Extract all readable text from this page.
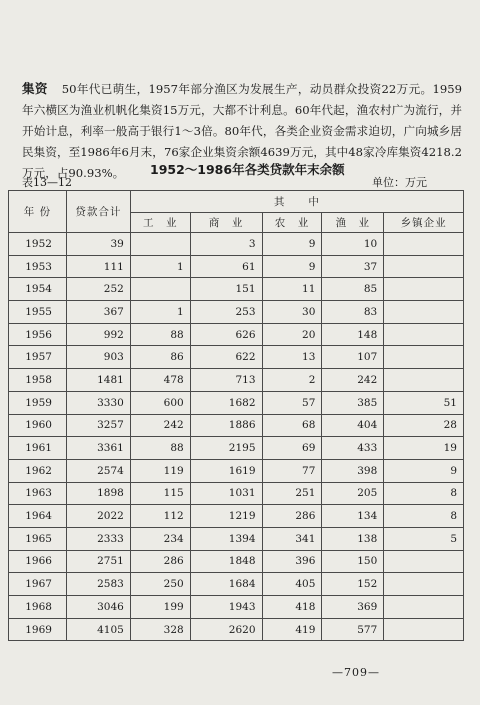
集资 50年代已萌生，1957年部分渔区为发展生产，动员群众投资22万元。1959年六横区为渔业机帆化集资15万元，大都不计利息。60年代起，渔农村广为流行，并开始计息，利率一般高于银行1～3倍。80年代，各类企业资金需求迫切，广向城乡居民集资，至1986年6月末，76家企业集资余额4639万元，其中48家冷库集资4218.2万元，占90.93%。	1952～1986年各类贷款年末余额
表13—12	单位：万元
年 份	贷款合计	其　　中				
		工　业	商　业	农　业	渔　业	乡镇企业
1952	39		3	9	10	
1953	111	1	61	9	37	
1954	252		151	11	85	
1955	367	1	253	30	83	
1956	992	88	626	20	148	
1957	903	86	622	13	107	
1958	1481	478	713	2	242	
1959	3330	600	1682	57	385	51
1960	3257	242	1886	68	404	28
1961	3361	88	2195	69	433	19
1962	2574	119	1619	77	398	9
1963	1898	115	1031	251	205	8
1964	2022	112	1219	286	134	8
1965	2333	234	1394	341	138	5
1966	2751	286	1848	396	150	
1967	2583	250	1684	405	152	
1968	3046	199	1943	418	369	
1969	4105	328	2620	419	577	
—709—
